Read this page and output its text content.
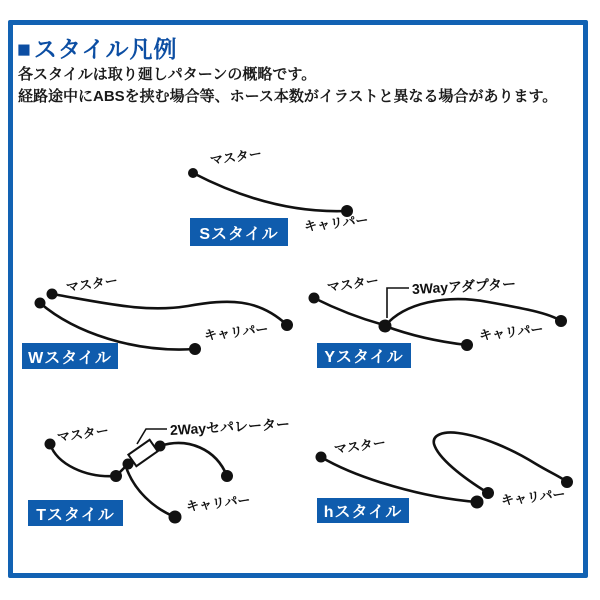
■スタイル凡例

各スタイルは取り廻しパターンの概略です。

経路途中にABSを挟む場合等、ホース本数がイラストと異なる場合があります。

マスター
キャリパー
Sスタイル
マスター
キャリパー
Wスタイル
マスター 3Wayアダプター
キャリパー
Yスタイル
マスター	2Wayセパレーター
キャリパー
Tスタイル
マスター
キャリパー
hスタイル
